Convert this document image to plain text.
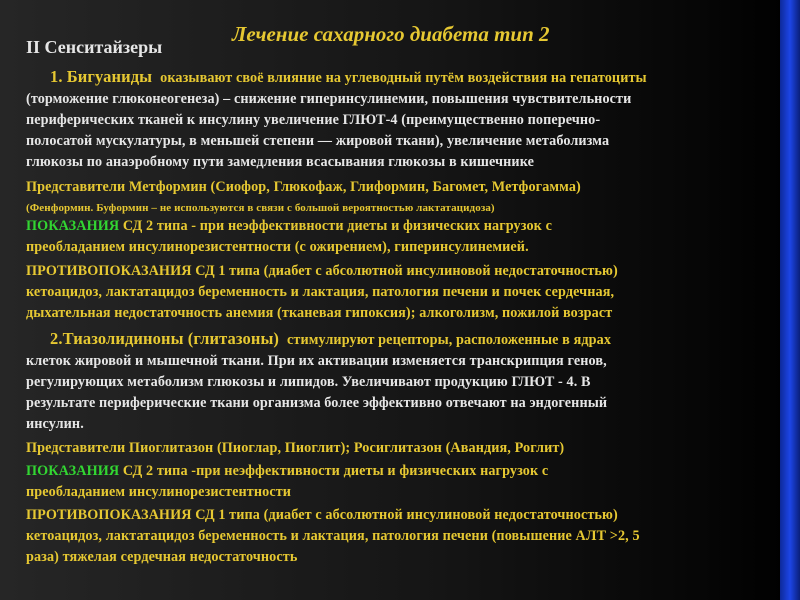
Лечение сахарного диабета тип 2
II Сенситайзеры
1. Бигуаниды оказывают своё влияние на углеводный путём воздействия на гепатоциты
(торможение глюконеогенеза) – снижение гиперинсулинемии, повышения чувствительности
периферических тканей к инсулину увеличение ГЛЮТ-4 (преимущественно поперечно-
полосатой мускулатуры, в меньшей степени — жировой ткани), увеличение метаболизма
глюкозы по анаэробному пути замедления всасывания глюкозы в кишечнике
Представители Метформин (Сиофор, Глюкофаж, Глиформин, Багомет, Метфогамма)
(Фенформин. Буформин – не используются в связи с большой вероятностью лактатацидоза)
ПОКАЗАНИЯ СД 2 типа - при неэффективности диеты и физических нагрузок с
преобладанием инсулинорезистентности (с ожирением), гиперинсулинемией.
ПРОТИВОПОКАЗАНИЯ СД 1 типа (диабет с абсолютной инсулиновой недостаточностью)
кетоацидоз, лактатацидоз беременность и лактация, патология печени и почек сердечная,
дыхательная недостаточность анемия (тканевая гипоксия); алкоголизм, пожилой возраст
2.Тиазолидиноны (глитазоны) стимулируют рецепторы, расположенные в ядрах
клеток жировой и мышечной ткани. При их активации изменяется транскрипция генов,
регулирующих метаболизм глюкозы и липидов. Увеличивают продукцию ГЛЮТ - 4. В
результате периферические ткани организма более эффективно отвечают на эндогенный
инсулин.
Представители Пиоглитазон (Пиоглар, Пиоглит); Росиглитазон (Авандия, Роглит)
ПОКАЗАНИЯ СД 2 типа -при неэффективности диеты и физических нагрузок с
преобладанием инсулинорезистентности
ПРОТИВОПОКАЗАНИЯ СД 1 типа (диабет с абсолютной инсулиновой недостаточностью)
кетоацидоз, лактатацидоз беременность и лактация, патология печени (повышение АЛТ >2, 5
раза) тяжелая сердечная недостаточность
